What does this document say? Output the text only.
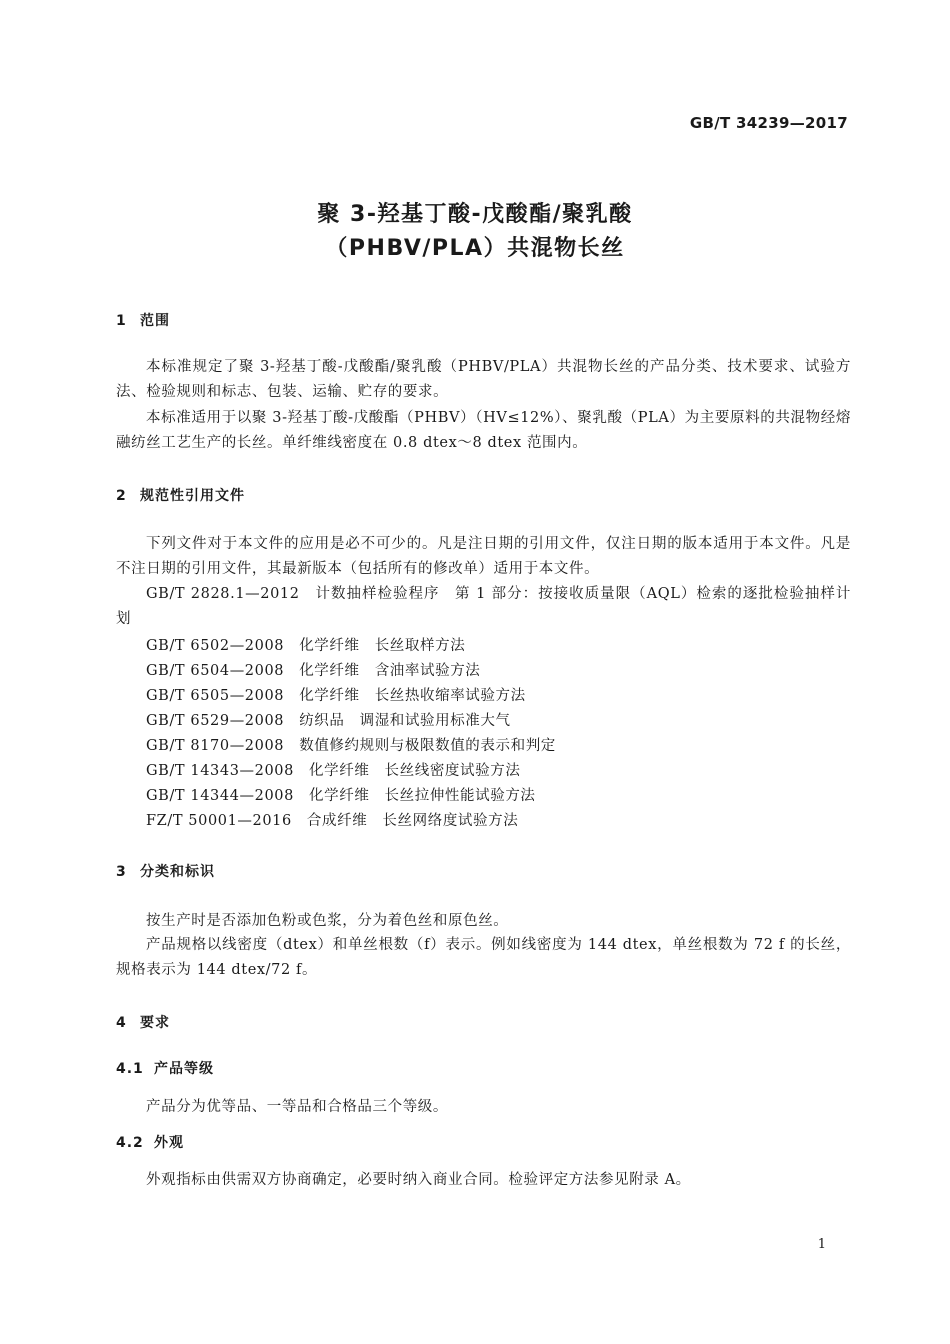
GB/T 34239—2017
聚 3-羟基丁酸-戊酸酯/聚乳酸
（PHBV/PLA）共混物长丝
1 范围
本标准规定了聚 3-羟基丁酸-戊酸酯/聚乳酸（PHBV/PLA）共混物长丝的产品分类、技术要求、试验方法、检验规则和标志、包装、运输、贮存的要求。
本标准适用于以聚 3-羟基丁酸-戊酸酯（PHBV）（HV≤12%）、聚乳酸（PLA）为主要原料的共混物经熔融纺丝工艺生产的长丝。单纤维线密度在 0.8 dtex～8 dtex 范围内。
2 规范性引用文件
下列文件对于本文件的应用是必不可少的。凡是注日期的引用文件，仅注日期的版本适用于本文件。凡是不注日期的引用文件，其最新版本（包括所有的修改单）适用于本文件。
GB/T 2828.1—2012　计数抽样检验程序　第 1 部分：按接收质量限（AQL）检索的逐批检验抽样计划
GB/T 6502—2008　化学纤维　长丝取样方法
GB/T 6504—2008　化学纤维　含油率试验方法
GB/T 6505—2008　化学纤维　长丝热收缩率试验方法
GB/T 6529—2008　纺织品　调湿和试验用标准大气
GB/T 8170—2008　数值修约规则与极限数值的表示和判定
GB/T 14343—2008　化学纤维　长丝线密度试验方法
GB/T 14344—2008　化学纤维　长丝拉伸性能试验方法
FZ/T 50001—2016　合成纤维　长丝网络度试验方法
3 分类和标识
按生产时是否添加色粉或色浆，分为着色丝和原色丝。
产品规格以线密度（dtex）和单丝根数（f）表示。例如线密度为 144 dtex，单丝根数为 72 f 的长丝，规格表示为 144 dtex/72 f。
4 要求
4.1 产品等级
产品分为优等品、一等品和合格品三个等级。
4.2 外观
外观指标由供需双方协商确定，必要时纳入商业合同。检验评定方法参见附录 A。
1
